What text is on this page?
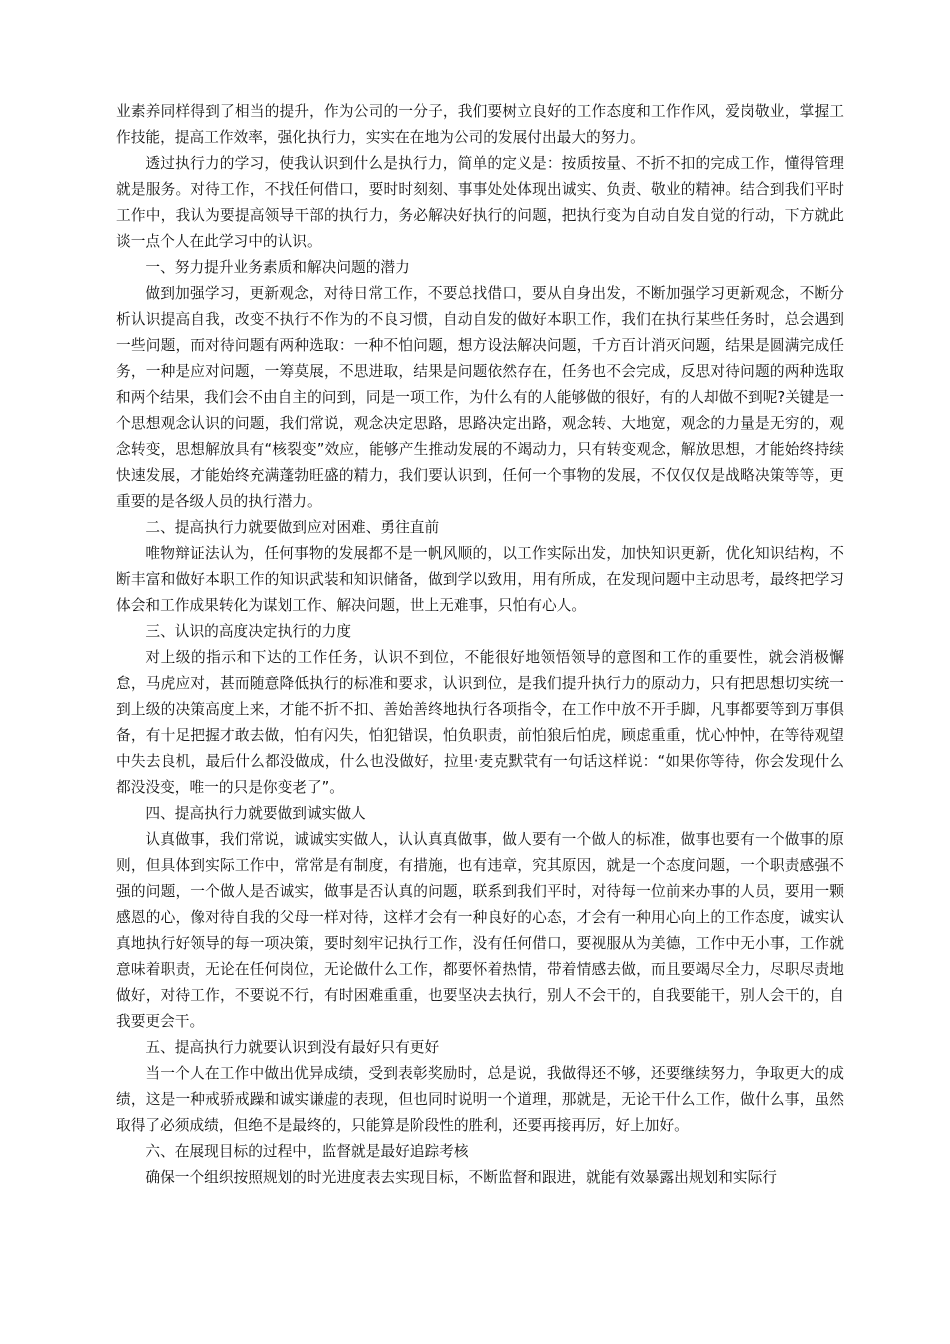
业素养同样得到了相当的提升，作为公司的一分子，我们要树立良好的工作态度和工作作风，爱岗敬业，掌握工作技能，提高工作效率，强化执行力，实实在在地为公司的发展付出最大的努力。

透过执行力的学习，使我认识到什么是执行力，简单的定义是：按质按量、不折不扣的完成工作，懂得管理就是服务。对待工作，不找任何借口，要时时刻刻、事事处处体现出诚实、负责、敬业的精神。结合到我们平时工作中，我认为要提高领导干部的执行力，务必解决好执行的问题，把执行变为自动自发自觉的行动，下方就此谈一点个人在此学习中的认识。

一、努力提升业务素质和解决问题的潜力

做到加强学习，更新观念，对待日常工作，不要总找借口，要从自身出发，不断加强学习更新观念，不断分析认识提高自我，改变不执行不作为的不良习惯，自动自发的做好本职工作，我们在执行某些任务时，总会遇到一些问题，而对待问题有两种选取：一种不怕问题，想方设法解决问题，千方百计消灭问题，结果是圆满完成任务，一种是应对问题，一筹莫展，不思进取，结果是问题依然存在，任务也不会完成，反思对待问题的两种选取和两个结果，我们会不由自主的问到，同是一项工作，为什么有的人能够做的很好，有的人却做不到呢?关键是一个思想观念认识的问题，我们常说，观念决定思路，思路决定出路，观念转、大地宽，观念的力量是无穷的，观念转变，思想解放具有“核裂变”效应，能够产生推动发展的不竭动力，只有转变观念，解放思想，才能始终持续快速发展，才能始终充满蓬勃旺盛的精力，我们要认识到，任何一个事物的发展，不仅仅仅是战略决策等等，更重要的是各级人员的执行潜力。

二、提高执行力就要做到应对困难、勇往直前

唯物辩证法认为，任何事物的发展都不是一帆风顺的，以工作实际出发，加快知识更新，优化知识结构，不断丰富和做好本职工作的知识武装和知识储备，做到学以致用，用有所成，在发现问题中主动思考，最终把学习体会和工作成果转化为谋划工作、解决问题，世上无难事，只怕有心人。

三、认识的高度决定执行的力度

对上级的指示和下达的工作任务，认识不到位，不能很好地领悟领导的意图和工作的重要性，就会消极懈怠，马虎应对，甚而随意降低执行的标准和要求，认识到位，是我们提升执行力的原动力，只有把思想切实统一到上级的决策高度上来，才能不折不扣、善始善终地执行各项指令，在工作中放不开手脚，凡事都要等到万事俱备，有十足把握才敢去做，怕有闪失，怕犯错误，怕负职责，前怕狼后怕虎，顾虑重重，忧心忡忡，在等待观望中失去良机，最后什么都没做成，什么也没做好，拉里·麦克默茕有一句话这样说：“如果你等待，你会发现什么都没没变，唯一的只是你变老了”。

四、提高执行力就要做到诚实做人

认真做事，我们常说，诚诚实实做人，认认真真做事，做人要有一个做人的标准，做事也要有一个做事的原则，但具体到实际工作中，常常是有制度，有措施，也有违章，究其原因，就是一个态度问题，一个职责感强不强的问题，一个做人是否诚实，做事是否认真的问题，联系到我们平时，对待每一位前来办事的人员，要用一颗感恩的心，像对待自我的父母一样对待，这样才会有一种良好的心态，才会有一种用心向上的工作态度，诚实认真地执行好领导的每一项决策，要时刻牢记执行工作，没有任何借口，要视服从为美德，工作中无小事，工作就意味着职责，无论在任何岗位，无论做什么工作，都要怀着热情，带着情感去做，而且要竭尽全力，尽职尽责地做好，对待工作，不要说不行，有时困难重重，也要坚决去执行，别人不会干的，自我要能干，别人会干的，自我要更会干。

五、提高执行力就要认识到没有最好只有更好

当一个人在工作中做出优异成绩，受到表彰奖励时，总是说，我做得还不够，还要继续努力，争取更大的成绩，这是一种戒骄戒躁和诚实谦虚的表现，但也同时说明一个道理，那就是，无论干什么工作，做什么事，虽然取得了必须成绩，但绝不是最终的，只能算是阶段性的胜利，还要再接再厉，好上加好。

六、在展现目标的过程中，监督就是最好追踪考核

确保一个组织按照规划的时光进度表去实现目标，不断监督和跟进，就能有效暴露出规划和实际行
